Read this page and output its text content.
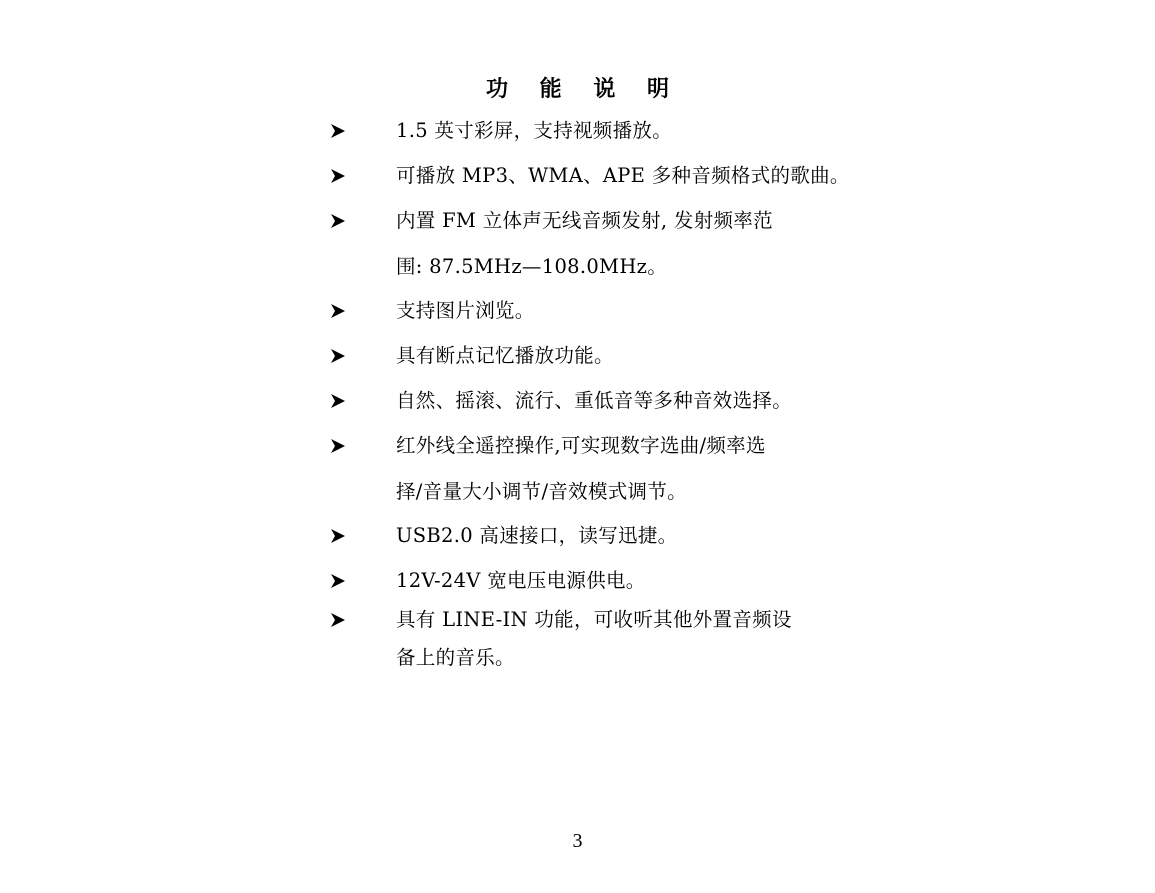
功 能 说 明
1.5 英寸彩屏，支持视频播放。
可播放 MP3、WMA、APE 多种音频格式的歌曲。
内置 FM 立体声无线音频发射, 发射频率范
围: 87.5MHz—108.0MHz。
支持图片浏览。
具有断点记忆播放功能。
自然、摇滚、流行、重低音等多种音效选择。
红外线全遥控操作,可实现数字选曲/频率选
择/音量大小调节/音效模式调节。
USB2.0 高速接口，读写迅捷。
12V-24V 宽电压电源供电。
具有 LINE-IN 功能，可收听其他外置音频设
备上的音乐。
3
